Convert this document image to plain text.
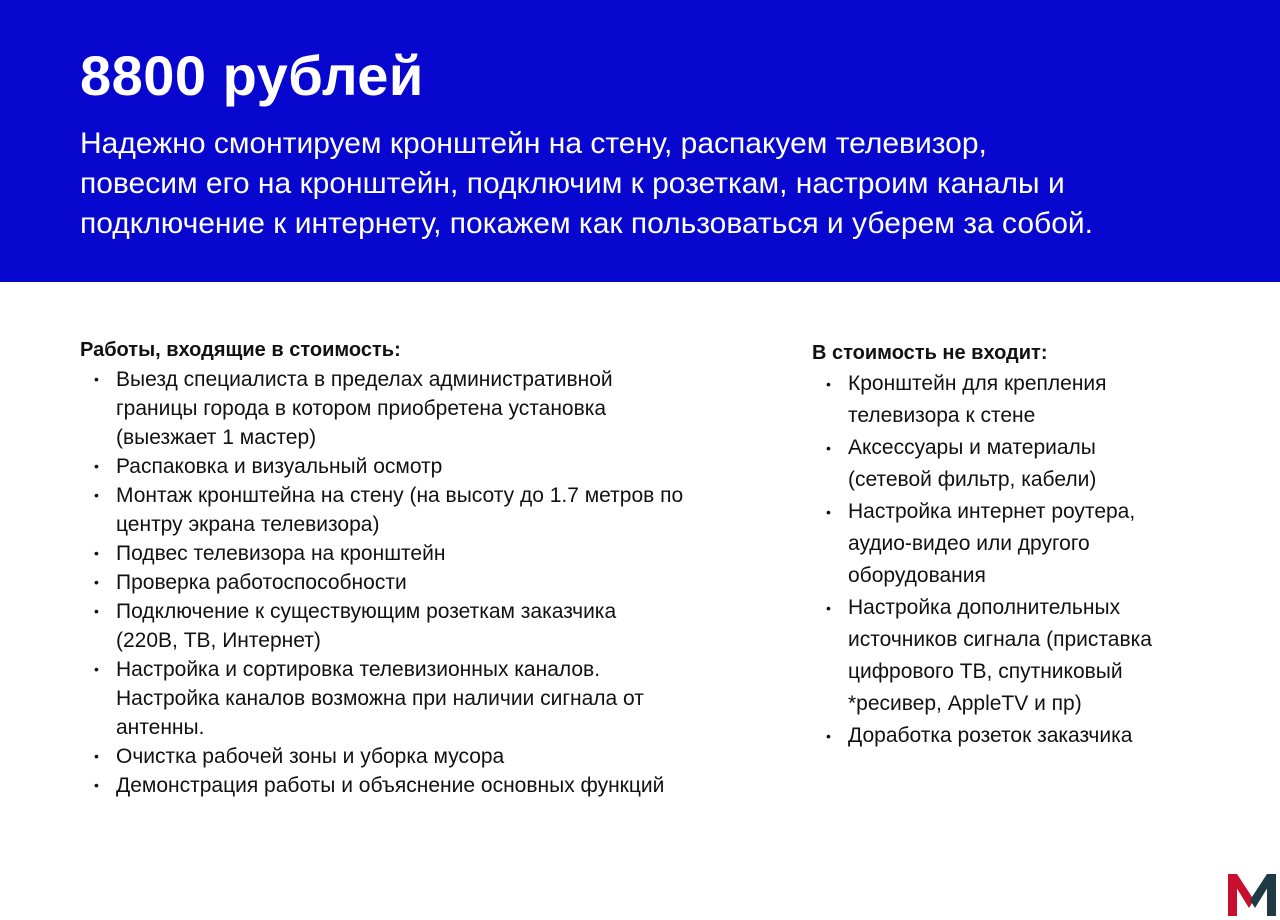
8800 рублей

Надежно смонтируем кронштейн на стену, распакуем телевизор,
повесим его на кронштейн, подключим к розеткам, настроим каналы и
подключение к интернету, покажем как пользоваться и уберем за собой.

Работы, входящие в стоимость:

• Выезд специалиста в пределах административной
границы города в котором приобретена установка
(выезжает 1 мастер)
• Распаковка и визуальный осмотр
• Монтаж кронштейна на стену (на высоту до 1.7 метров по
центру экрана телевизора)
• Подвес телевизора на кронштейн
• Проверка работоспособности
• Подключение к существующим розеткам заказчика
(220В, ТВ, Интернет)
• Настройка и сортировка телевизионных каналов.
Настройка каналов возможна при наличии сигнала от
антенны.
• Очистка рабочей зоны и уборка мусора
• Демонстрация работы и объяснение основных функций

В стоимость не входит:

• Кронштейн для крепления
телевизора к стене
• Аксессуары и материалы
(сетевой фильтр, кабели)
• Настройка интернет роутера,
аудио-видео или другого
оборудования
• Настройка дополнительных
источников сигнала (приставка
цифрового ТВ, спутниковый
*ресивер, AppleTV и пр)
• Доработка розеток заказчика
